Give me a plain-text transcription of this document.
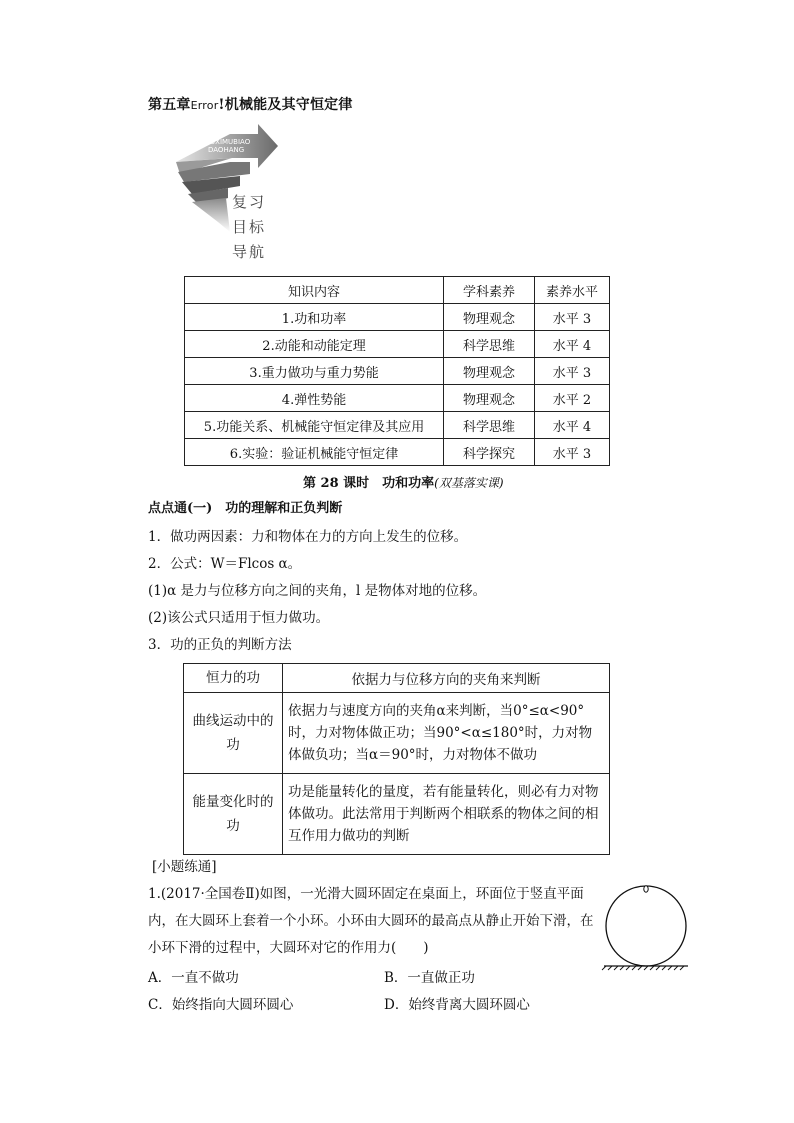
第五章Error!机械能及其守恒定律
FUXIMUBIAO
DAOHANG
复习
目标
导航
知识内容	学科素养	素养水平
1.功和功率	物理观念	水平 3
2.动能和动能定理	科学思维	水平 4
3.重力做功与重力势能	物理观念	水平 3
4.弹性势能	物理观念	水平 2
5.功能关系、机械能守恒定律及其应用	科学思维	水平 4
6.实验：验证机械能守恒定律	科学探究	水平 3
第 28 课时　功和功率(双基落实课)
点点通(一)　功的理解和正负判断
1．做功两因素：力和物体在力的方向上发生的位移。
2．公式：W＝Flcos α。
(1)α 是力与位移方向之间的夹角，l 是物体对地的位移。
(2)该公式只适用于恒力做功。
3．功的正负的判断方法
恒力的功	依据力与位移方向的夹角来判断
曲线运动中的功	依据力与速度方向的夹角α来判断，当0°≤α<90°时，力对物体做正功；当90°<α≤180°时，力对物体做负功；当α＝90°时，力对物体不做功
能量变化时的功	功是能量转化的量度，若有能量转化，则必有力对物体做功。此法常用于判断两个相联系的物体之间的相互作用力做功的判断
[小题练通]
1.(2017·全国卷Ⅱ)如图，一光滑大圆环固定在桌面上，环面位于竖直平面
内，在大圆环上套着一个小环。小环由大圆环的最高点从静止开始下滑，在
小环下滑的过程中，大圆环对它的作用力(　　)
A．一直不做功	B．一直做正功
C．始终指向大圆环圆心	D．始终背离大圆环圆心
